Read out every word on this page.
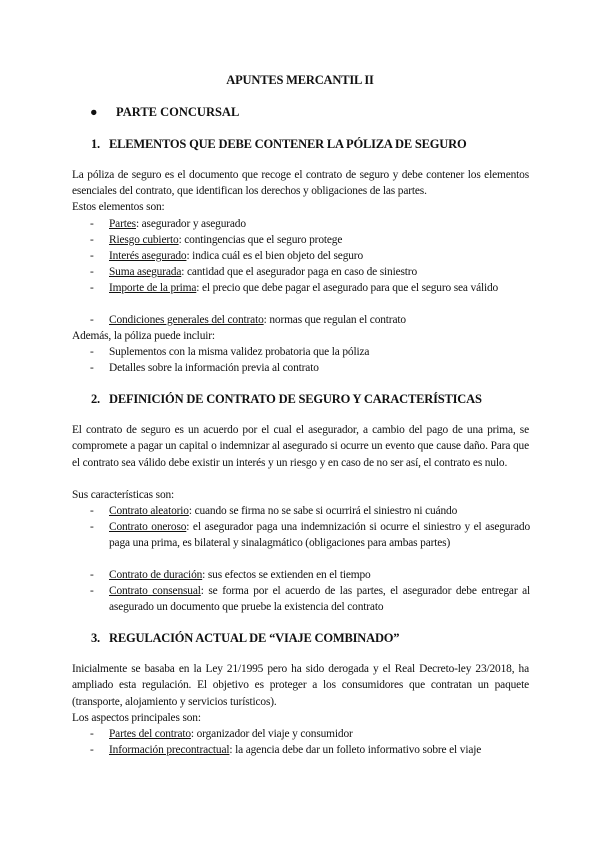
APUNTES MERCANTIL II
● PARTE CONCURSAL
1. ELEMENTOS QUE DEBE CONTENER LA PÓLIZA DE SEGURO
La póliza de seguro es el documento que recoge el contrato de seguro y debe contener los elementos esenciales del contrato, que identifican los derechos y obligaciones de las partes.
Estos elementos son:
- Partes: asegurador y asegurado
- Riesgo cubierto: contingencias que el seguro protege
- Interés asegurado: indica cuál es el bien objeto del seguro
- Suma asegurada: cantidad que el asegurador paga en caso de siniestro
- Importe de la prima: el precio que debe pagar el asegurado para que el seguro sea válido
- Condiciones generales del contrato: normas que regulan el contrato
Además, la póliza puede incluir:
- Suplementos con la misma validez probatoria que la póliza
- Detalles sobre la información previa al contrato
2. DEFINICIÓN DE CONTRATO DE SEGURO Y CARACTERÍSTICAS
El contrato de seguro es un acuerdo por el cual el asegurador, a cambio del pago de una prima, se compromete a pagar un capital o indemnizar al asegurado si ocurre un evento que cause daño. Para que el contrato sea válido debe existir un interés y un riesgo y en caso de no ser así, el contrato es nulo.
Sus características son:
- Contrato aleatorio: cuando se firma no se sabe si ocurrirá el siniestro ni cuándo
- Contrato oneroso: el asegurador paga una indemnización si ocurre el siniestro y el asegurado paga una prima, es bilateral y sinalagmático (obligaciones para ambas partes)
- Contrato de duración: sus efectos se extienden en el tiempo
- Contrato consensual: se forma por el acuerdo de las partes, el asegurador debe entregar al asegurado un documento que pruebe la existencia del contrato
3. REGULACIÓN ACTUAL DE “VIAJE COMBINADO”
Inicialmente se basaba en la Ley 21/1995 pero ha sido derogada y el Real Decreto-ley 23/2018, ha ampliado esta regulación. El objetivo es proteger a los consumidores que contratan un paquete (transporte, alojamiento y servicios turísticos).
Los aspectos principales son:
- Partes del contrato: organizador del viaje y consumidor
- Información precontractual: la agencia debe dar un folleto informativo sobre el viaje
